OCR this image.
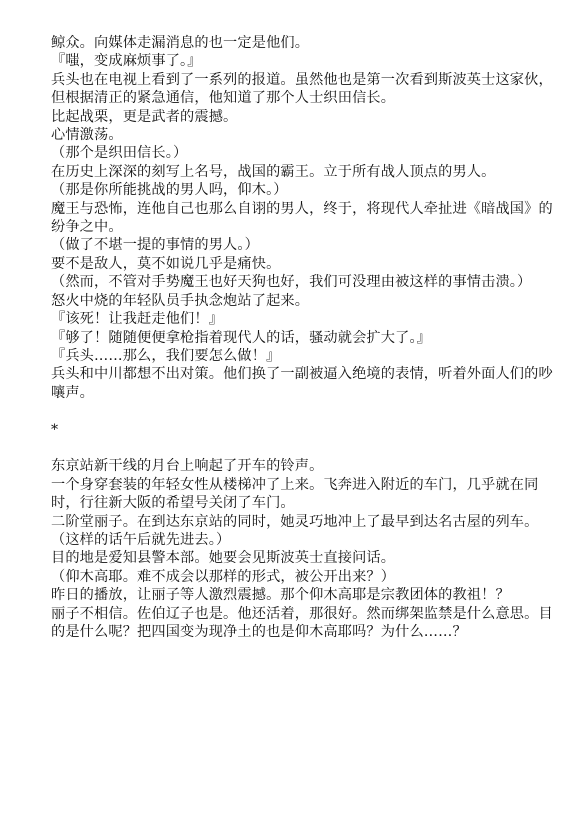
鲸众。向媒体走漏消息的也一定是他们。

『嗤，变成麻烦事了。』

兵头也在电视上看到了一系列的报道。虽然他也是第一次看到斯波英士这家伙，但根据清正的紧急通信，他知道了那个人士织田信长。

比起战栗，更是武者的震撼。

心情激荡。

（那个是织田信长。）

在历史上深深的刻写上名号，战国的霸王。立于所有战人顶点的男人。

（那是你所能挑战的男人吗，仰木。）

魔王与恐怖，连他自己也那么自诩的男人，终于，将现代人牵扯进《暗战国》的纷争之中。

（做了不堪一提的事情的男人。）

要不是敌人，莫不如说几乎是痛快。

（然而，不管对手势魔王也好天狗也好，我们可没理由被这样的事情击溃。）

怒火中烧的年轻队员手执念炮站了起来。

『该死！让我赶走他们！』

『够了！随随便便拿枪指着现代人的话，骚动就会扩大了。』

『兵头……那么，我们要怎么做！』

兵头和中川都想不出对策。他们换了一副被逼入绝境的表情，听着外面人们的吵嚷声。

*

东京站新干线的月台上响起了开车的铃声。

一个身穿套装的年轻女性从楼梯冲了上来。飞奔进入附近的车门，几乎就在同时，行往新大阪的希望号关闭了车门。

二阶堂丽子。在到达东京站的同时，她灵巧地冲上了最早到达名古屋的列车。

（这样的话午后就先进去。）

目的地是爱知县警本部。她要会见斯波英士直接问话。

（仰木高耶。难不成会以那样的形式，被公开出来？）

昨日的播放，让丽子等人激烈震撼。那个仰木高耶是宗教团体的教祖！？

丽子不相信。佐伯辽子也是。他还活着，那很好。然而绑架监禁是什么意思。目的是什么呢？把四国变为现净土的也是仰木高耶吗？为什么……？
